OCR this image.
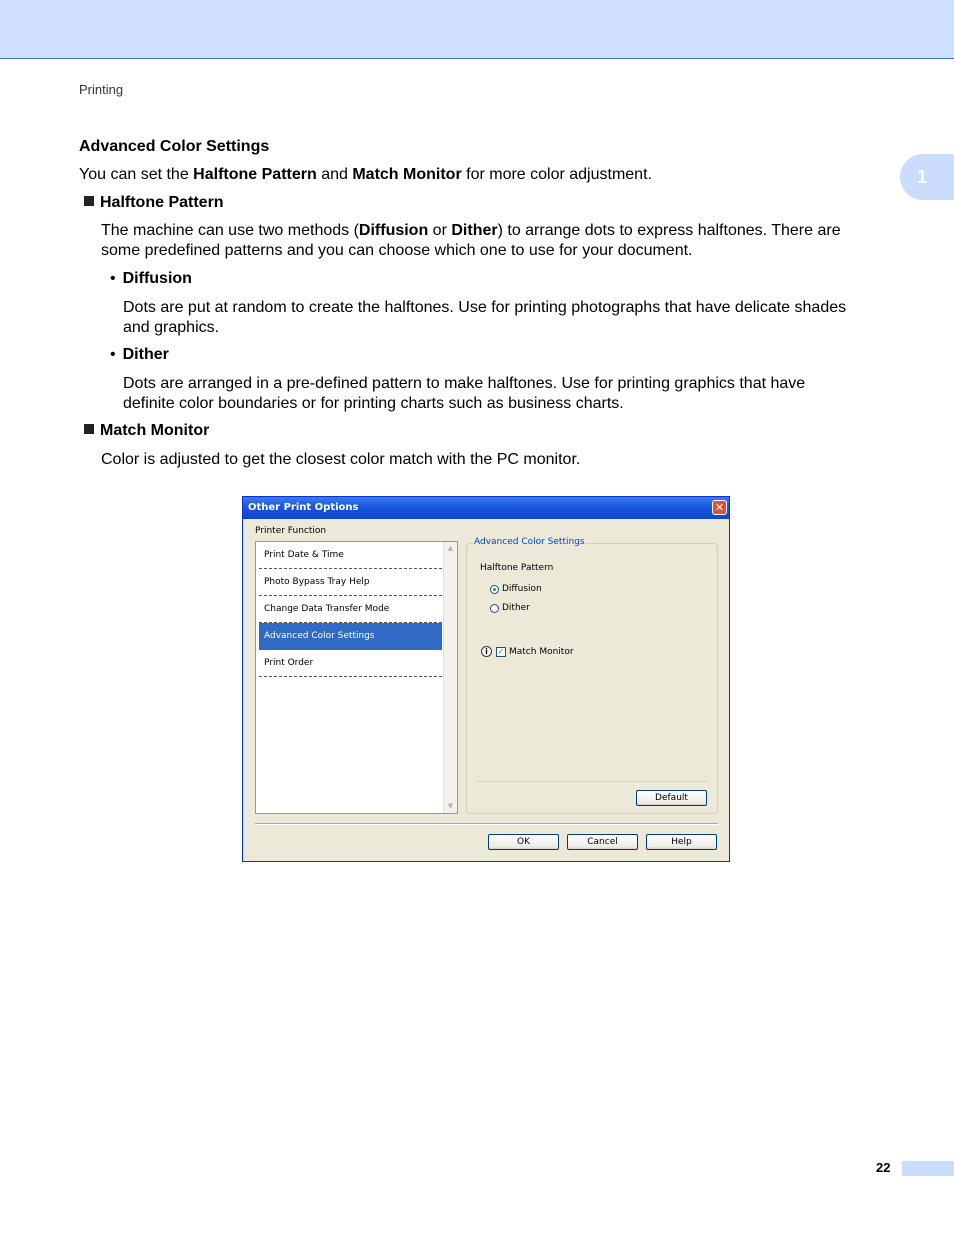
Printing
1
Advanced Color Settings
You can set the Halftone Pattern and Match Monitor for more color adjustment.
Halftone Pattern
The machine can use two methods (Diffusion or Dither) to arrange dots to express halftones. There are
some predefined patterns and you can choose which one to use for your document.
• Diffusion
Dots are put at random to create the halftones. Use for printing photographs that have delicate shades
and graphics.
• Dither
Dots are arranged in a pre-defined pattern to make halftones. Use for printing graphics that have
definite color boundaries or for printing charts such as business charts.
Match Monitor
Color is adjusted to get the closest color match with the PC monitor.
Other Print Options	✕
Printer Function
Print Date & Time
Photo Bypass Tray Help
Change Data Transfer Mode
Advanced Color Settings
Print Order
▲
▼
Advanced Color Settings
Halftone Pattern
Diffusion
Dither
i	✓ Match Monitor
Default
OK	Cancel	Help
22
